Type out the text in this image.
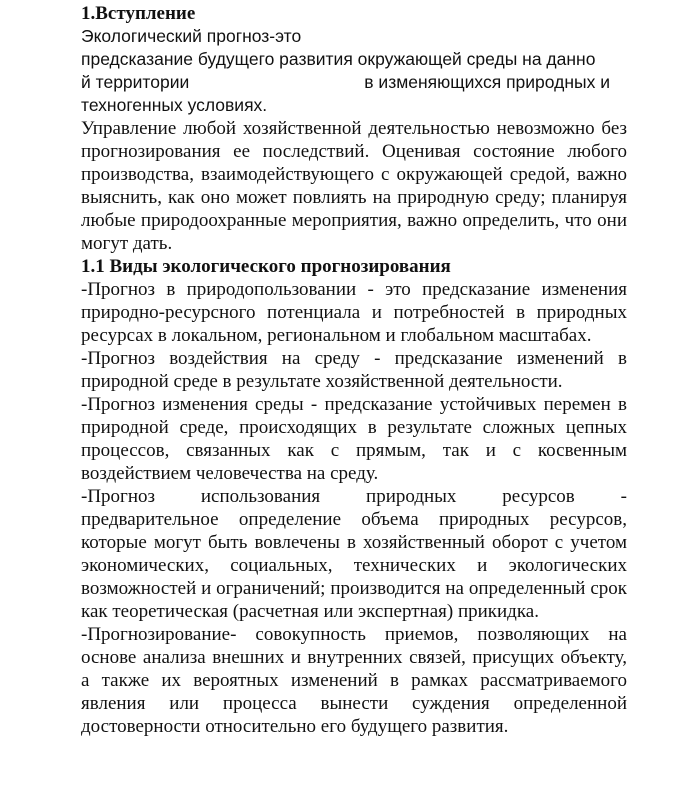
1.Вступление
Экологический прогноз-это
предсказание будущего развития окружающей среды на данно
й территории	в изменяющихся природных и
техногенных условиях.

Управление любой хозяйственной деятельностью невозможно без прогнозирования ее последствий. Оценивая состояние любого производства, взаимодействующего с окружающей средой, важно выяснить, как оно может повлиять на природную среду; планируя любые природоохранные мероприятия, важно определить, что они могут дать.

1.1 Виды экологического прогнозирования

-Прогноз в природопользовании - это предсказание изменения природно-ресурсного потенциала и потребностей в природных ресурсах в локальном, региональном и глобальном масштабах.

-Прогноз воздействия на среду - предсказание изменений в природной среде в результате хозяйственной деятельности.

-Прогноз изменения среды - предсказание устойчивых перемен в природной среде, происходящих в результате сложных цепных процессов, связанных как с прямым, так и с косвенным воздействием человечества на среду.

-Прогноз использования природных ресурсов -

предварительное определение объема природных ресурсов, которые могут быть вовлечены в хозяйственный оборот с учетом экономических, социальных, технических и экологических возможностей и ограничений; производится на определенный срок как теоретическая (расчетная или экспертная) прикидка.

-Прогнозирование- совокупность приемов, позволяющих на основе анализа внешних и внутренних связей, присущих объекту, а также их вероятных изменений в рамках рассматриваемого явления или процесса вынести суждения определенной достоверности относительно его будущего развития.
